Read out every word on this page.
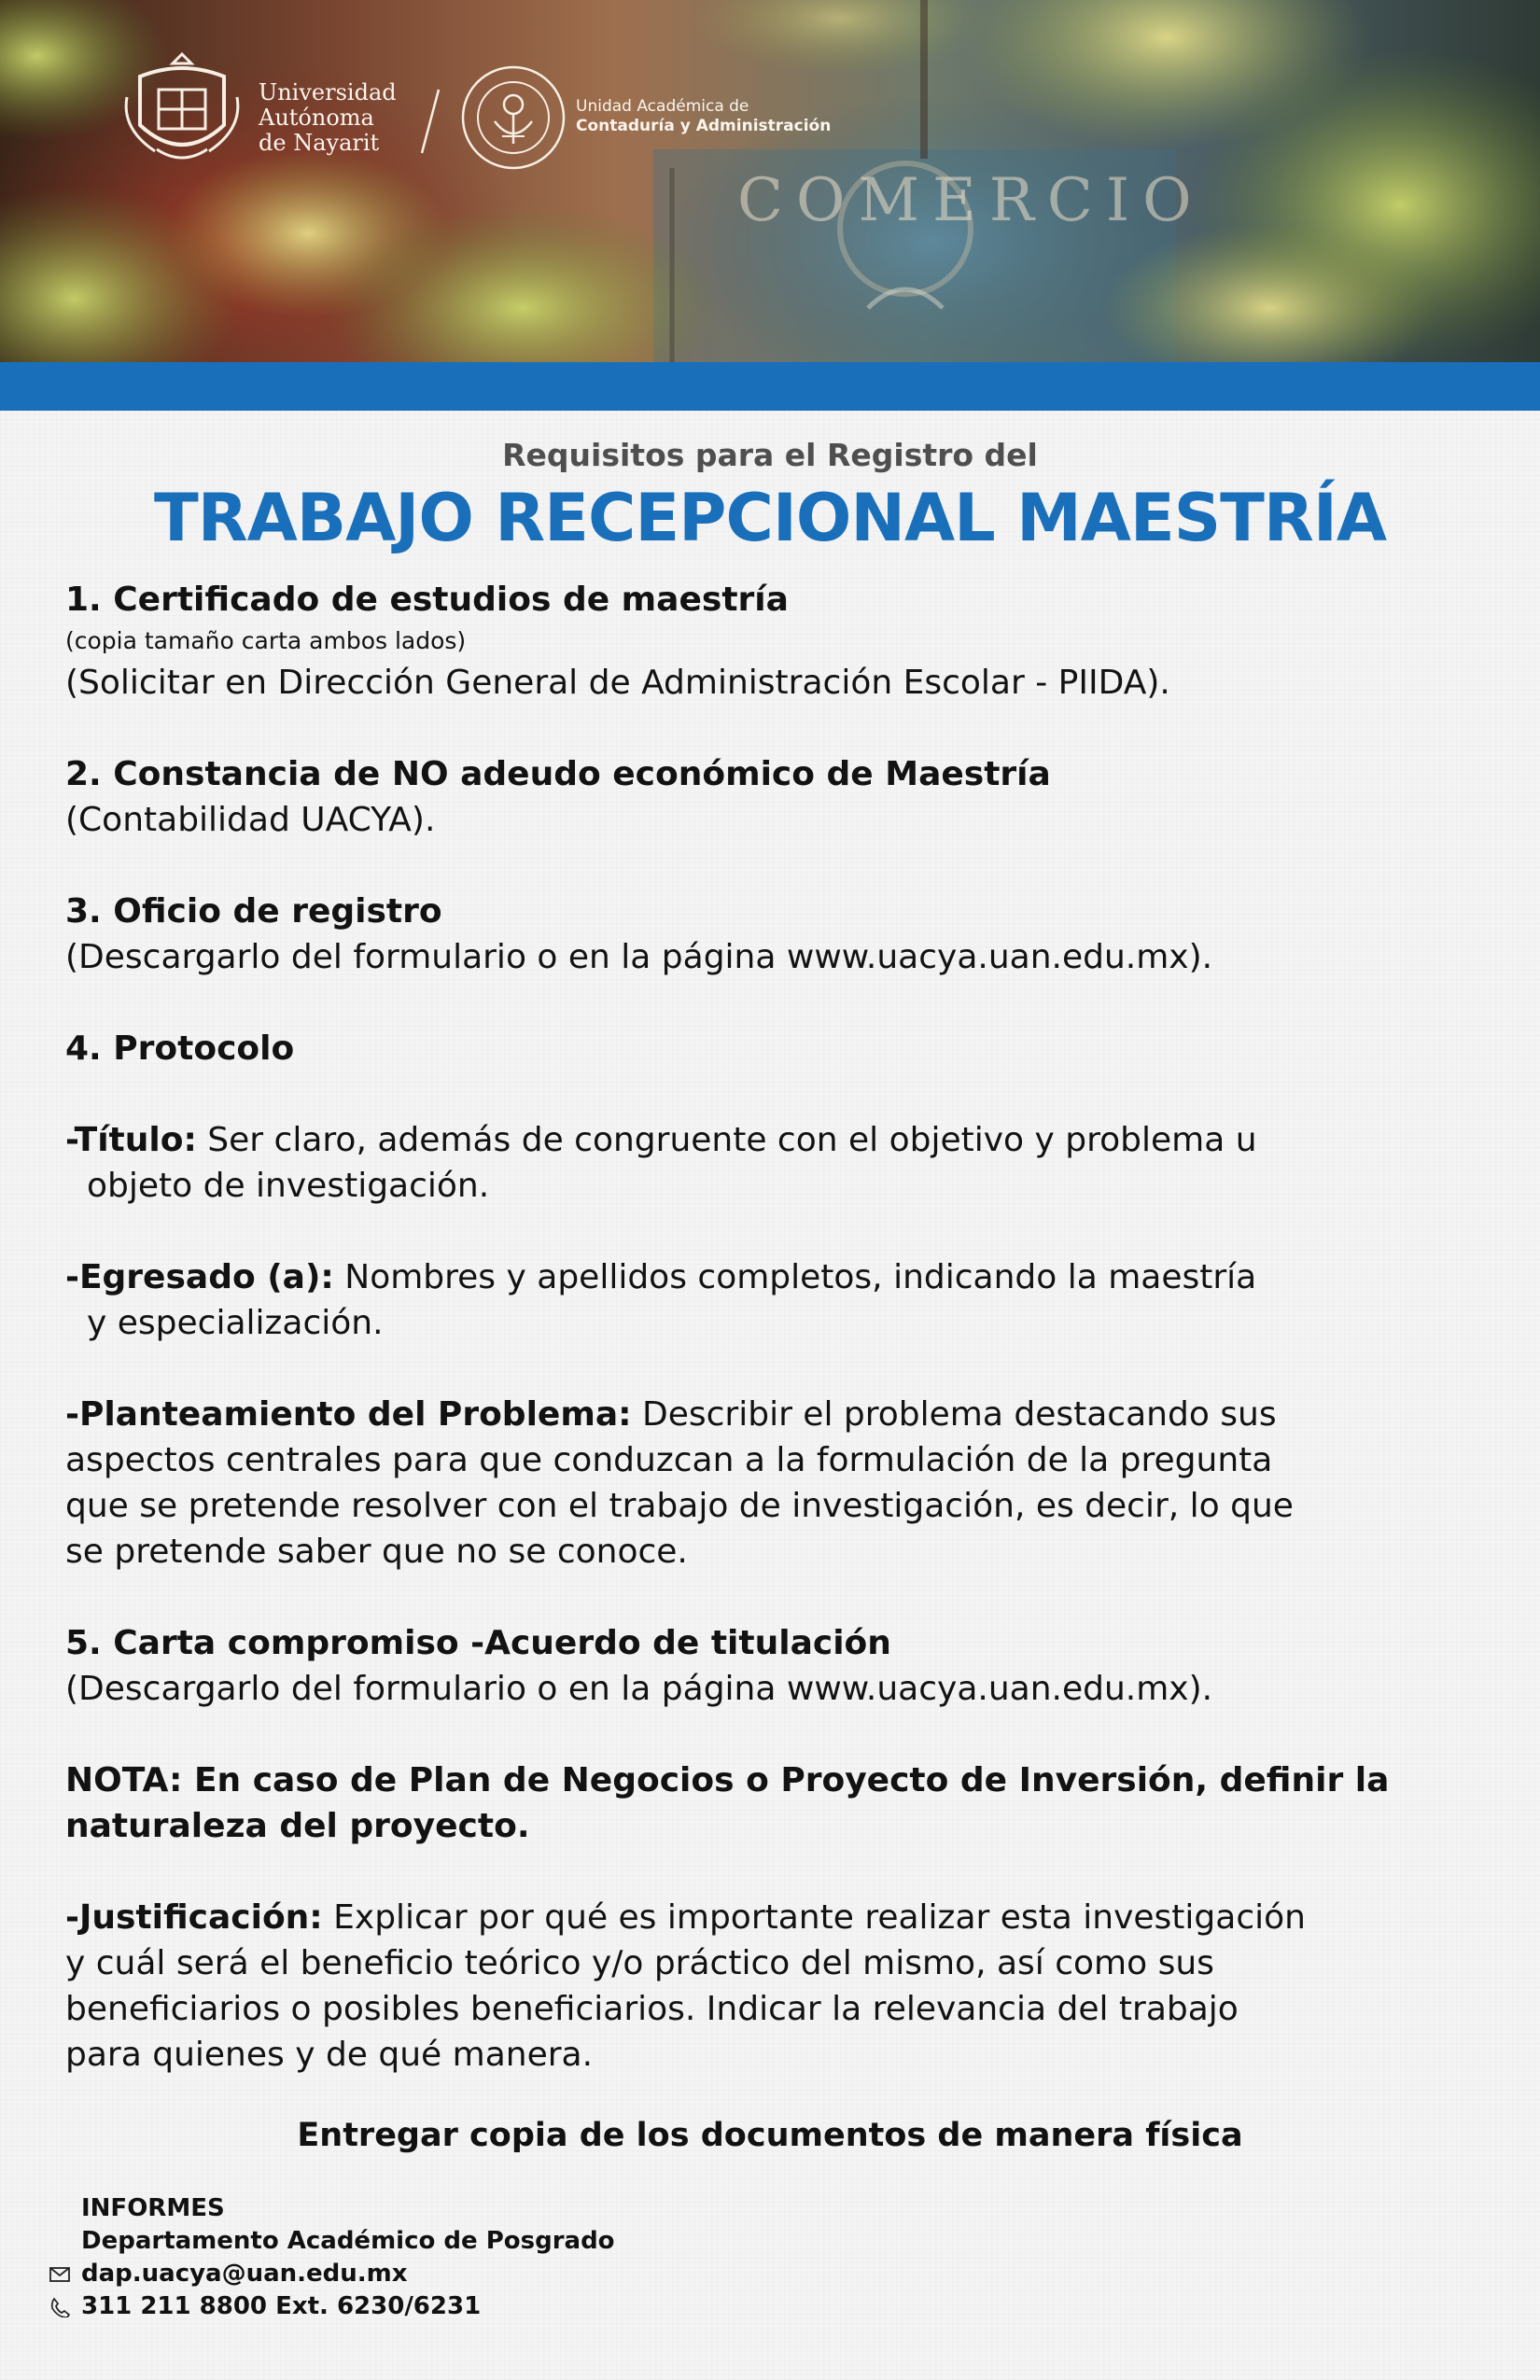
Universidad
Autónoma
de Nayarit
Unidad Académica de
Contaduría y Administración
COMERCIO
Requisitos para el Registro del
TRABAJO RECEPCIONAL MAESTRÍA

1. Certificado de estudios de maestría

(copia tamaño carta ambos lados)

(Solicitar en Dirección General de Administración Escolar - PIIDA).

2. Constancia de NO adeudo económico de Maestría

(Contabilidad UACYA).

3. Oficio de registro

(Descargarlo del formulario o en la página www.uacya.uan.edu.mx).

4. Protocolo

-Título: Ser claro, además de congruente con el objetivo y problema u

objeto de investigación.

-Egresado (a): Nombres y apellidos completos, indicando la maestría

y especialización.

-Planteamiento del Problema: Describir el problema destacando sus

aspectos centrales para que conduzcan a la formulación de la pregunta

que se pretende resolver con el trabajo de investigación, es decir, lo que

se pretende saber que no se conoce.

5. Carta compromiso -Acuerdo de titulación

(Descargarlo del formulario o en la página www.uacya.uan.edu.mx).

NOTA: En caso de Plan de Negocios o Proyecto de Inversión, definir la

naturaleza del proyecto.

-Justificación: Explicar por qué es importante realizar esta investigación

y cuál será el beneficio teórico y/o práctico del mismo, así como sus

beneficiarios o posibles beneficiarios. Indicar la relevancia del trabajo

para quienes y de qué manera.

Entregar copia de los documentos de manera física
INFORMES
Departamento Académico de Posgrado
dap.uacya@uan.edu.mx
311 211 8800 Ext. 6230/6231
